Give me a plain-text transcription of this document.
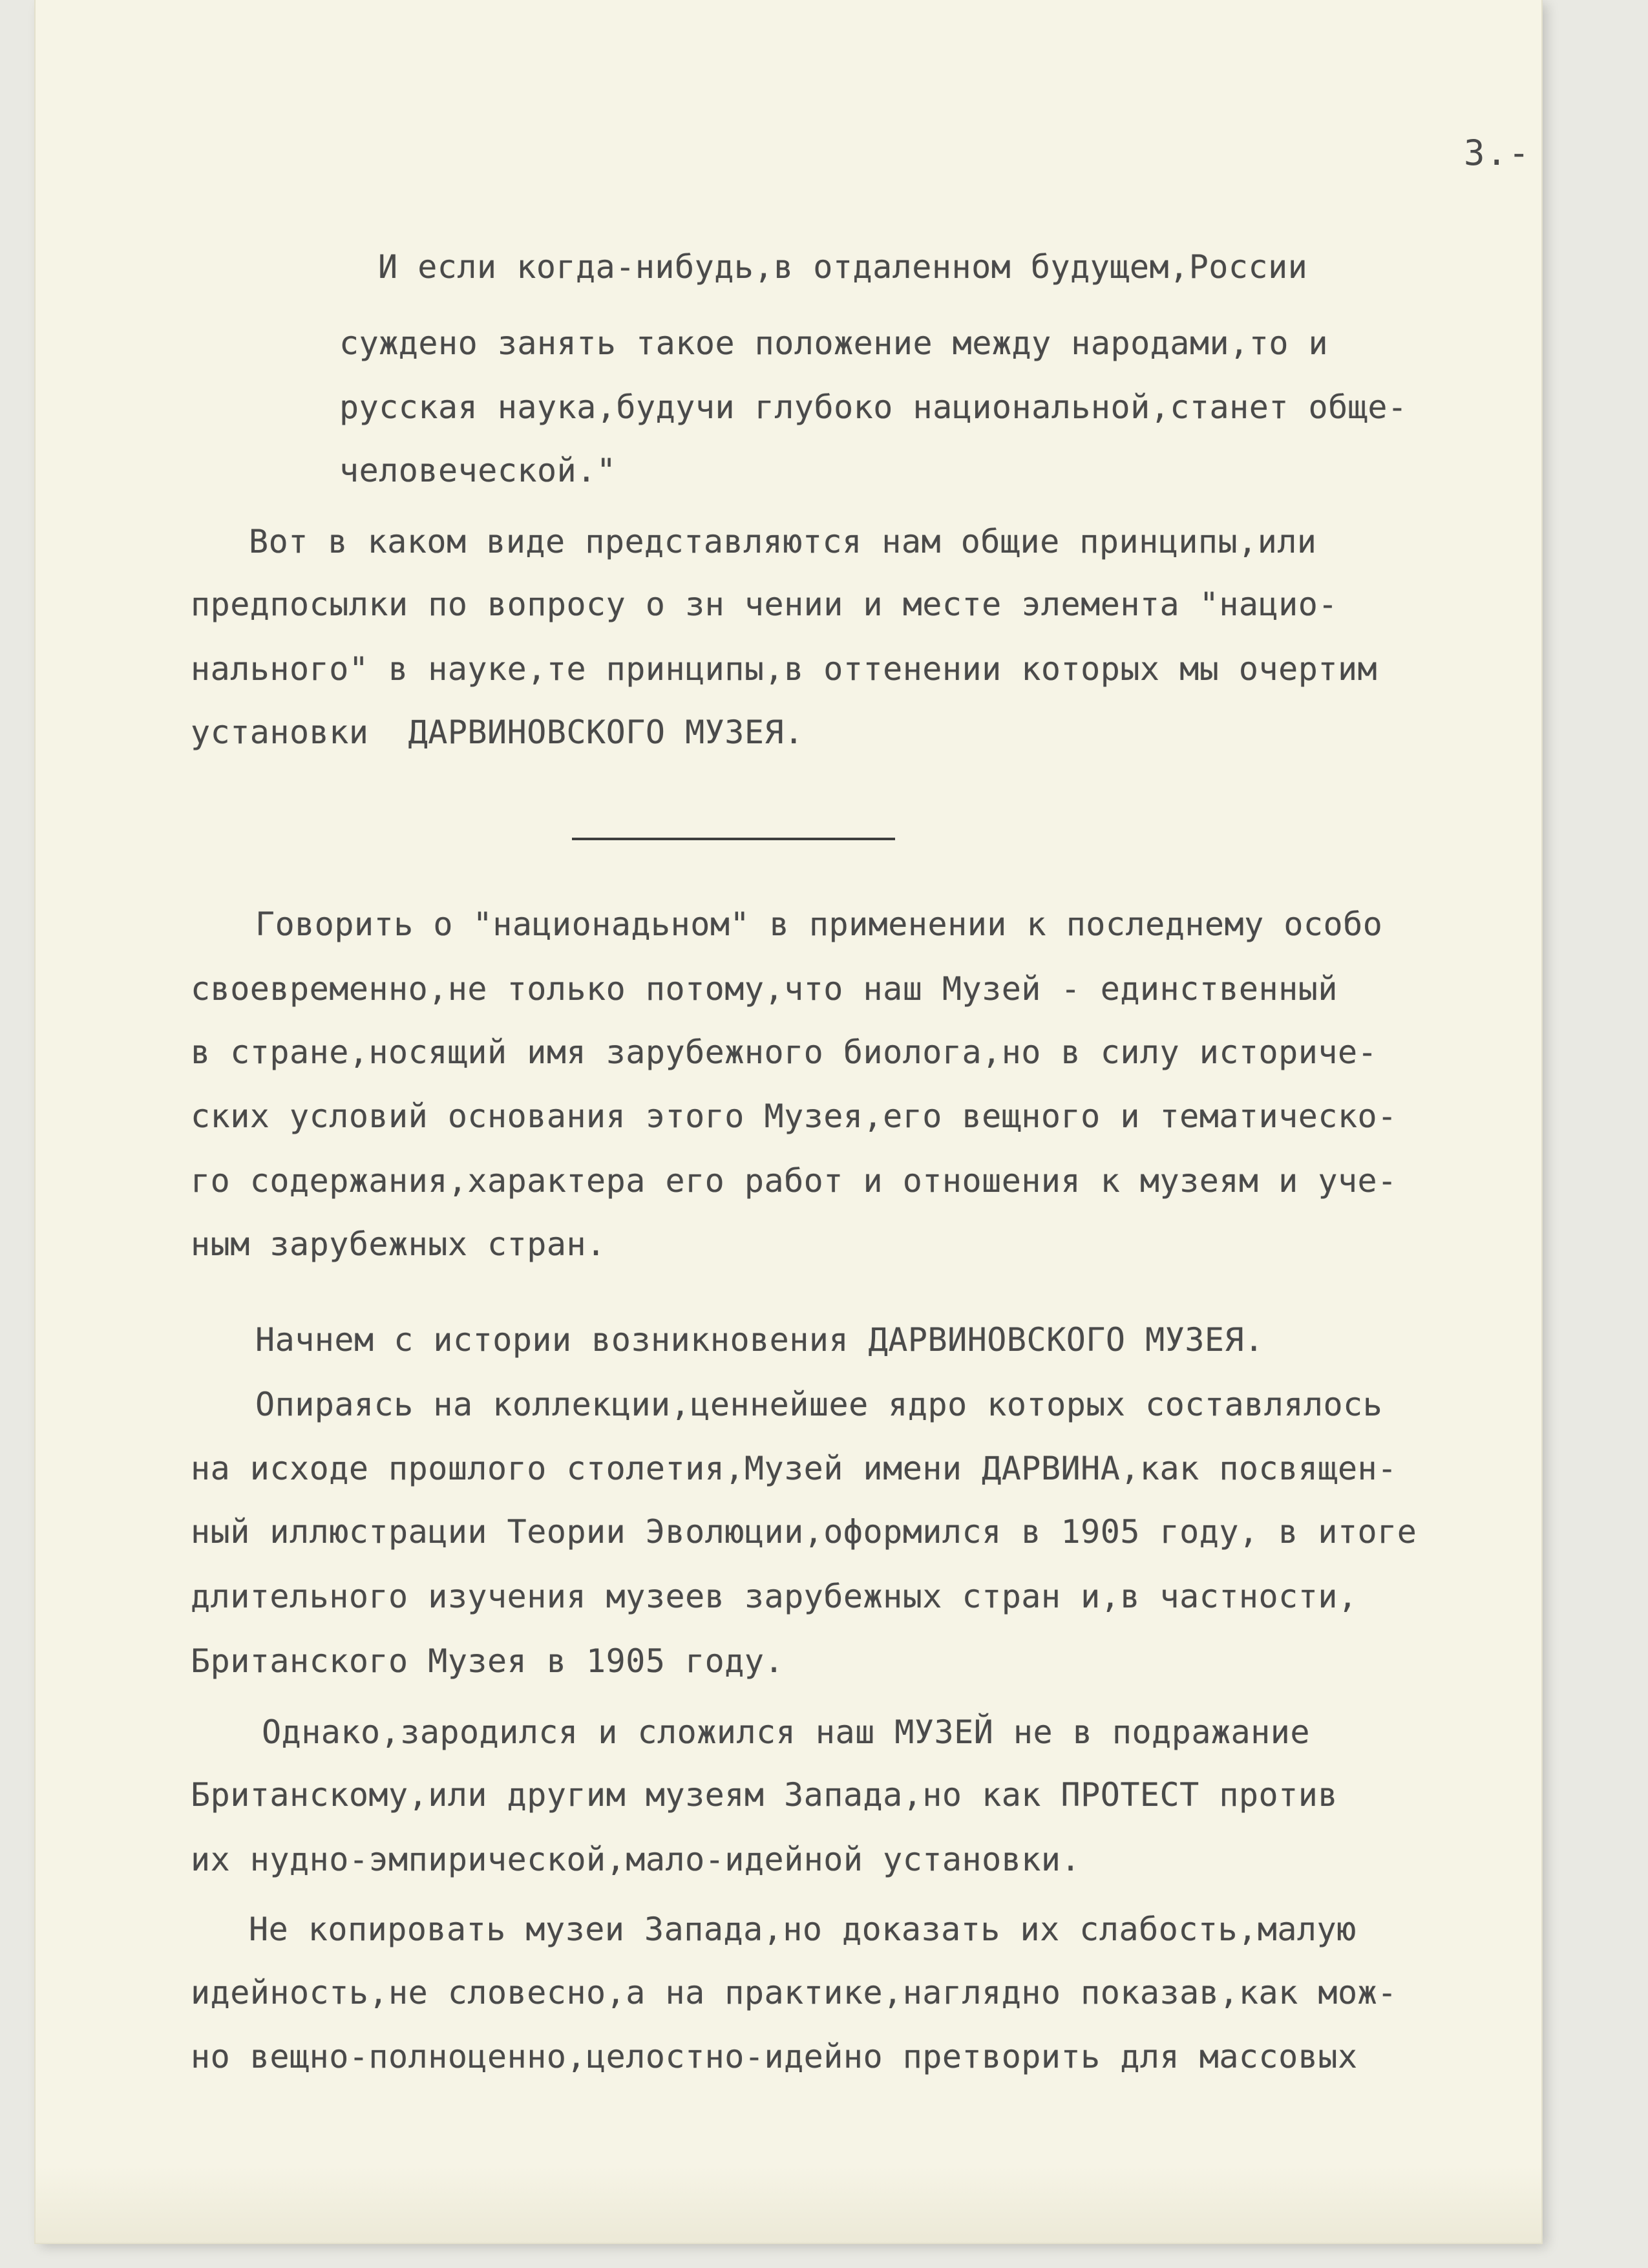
3.-
И если когда-нибудь,в отдаленном будущем,России
суждено занять такое положение между народами,то и
русская наука,будучи глубоко национальной,станет обще-
человеческой."
Вот в каком виде представляются нам общие принципы,или
предпосылки по вопросу о зн чении и месте элемента "нацио-
нального" в науке,те принципы,в оттенении которых мы очертим
установки  ДАРВИНОВСКОГО МУЗЕЯ.
Говорить о "национадьном" в применении к последнему особо
своевременно,не только потому,что наш Музей - единственный
в стране,носящий имя зарубежного биолога,но в силу историче-
ских условий основания этого Музея,его вещного и тематическо-
го содержания,характера его работ и отношения к музеям и уче-
ным зарубежных стран.
Начнем с истории возникновения ДАРВИНОВСКОГО МУЗЕЯ.
Опираясь на коллекции,ценнейшее ядро которых составлялось
на исходе прошлого столетия,Музей имени ДАРВИНА,как посвящен-
ный иллюстрации Теории Эволюции,оформился в 1905 году, в итоге
длительного изучения музеев зарубежных стран и,в частности,
Британского Музея в 1905 году.
Однако,зародился и сложился наш МУЗЕЙ не в подражание
Британскому,или другим музеям Запада,но как ПРОТЕСТ против
их нудно-эмпирической,мало-идейной установки.
Не копировать музеи Запада,но доказать их слабость,малую
идейность,не словесно,а на практике,наглядно показав,как мож-
но вещно-полноценно,целостно-идейно претворить для массовых
